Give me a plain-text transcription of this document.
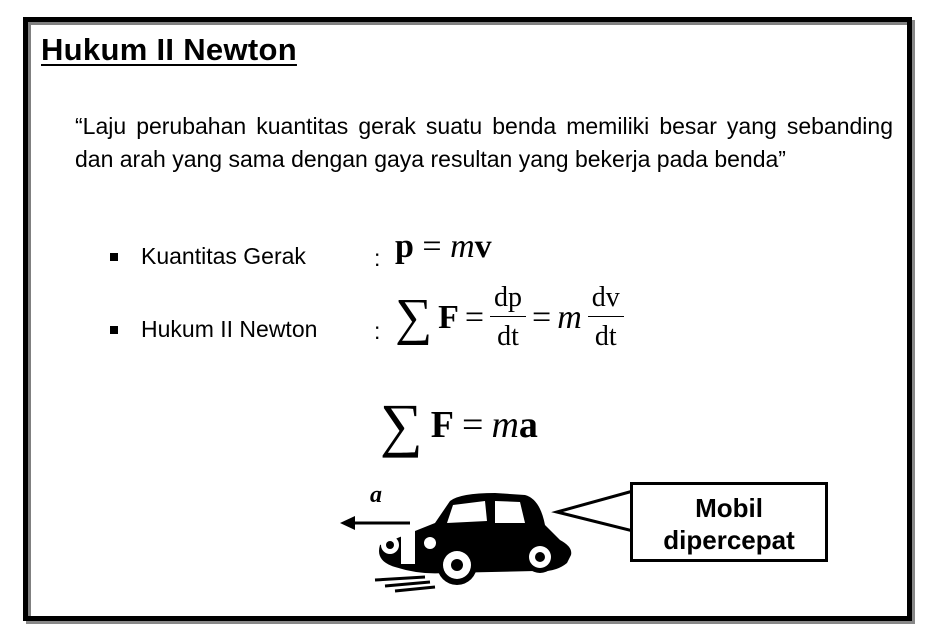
Hukum II Newton
“Laju perubahan kuantitas gerak suatu benda memiliki besar yang sebanding dan arah yang sama dengan gaya resultan yang bekerja pada benda”
Kuantitas Gerak	:
Hukum II Newton :
p = mv
∑ $F = \frac{dp}{dt} = m \frac{dv}{dt}$
∑ F = ma
a	Mobil
dipercepat
